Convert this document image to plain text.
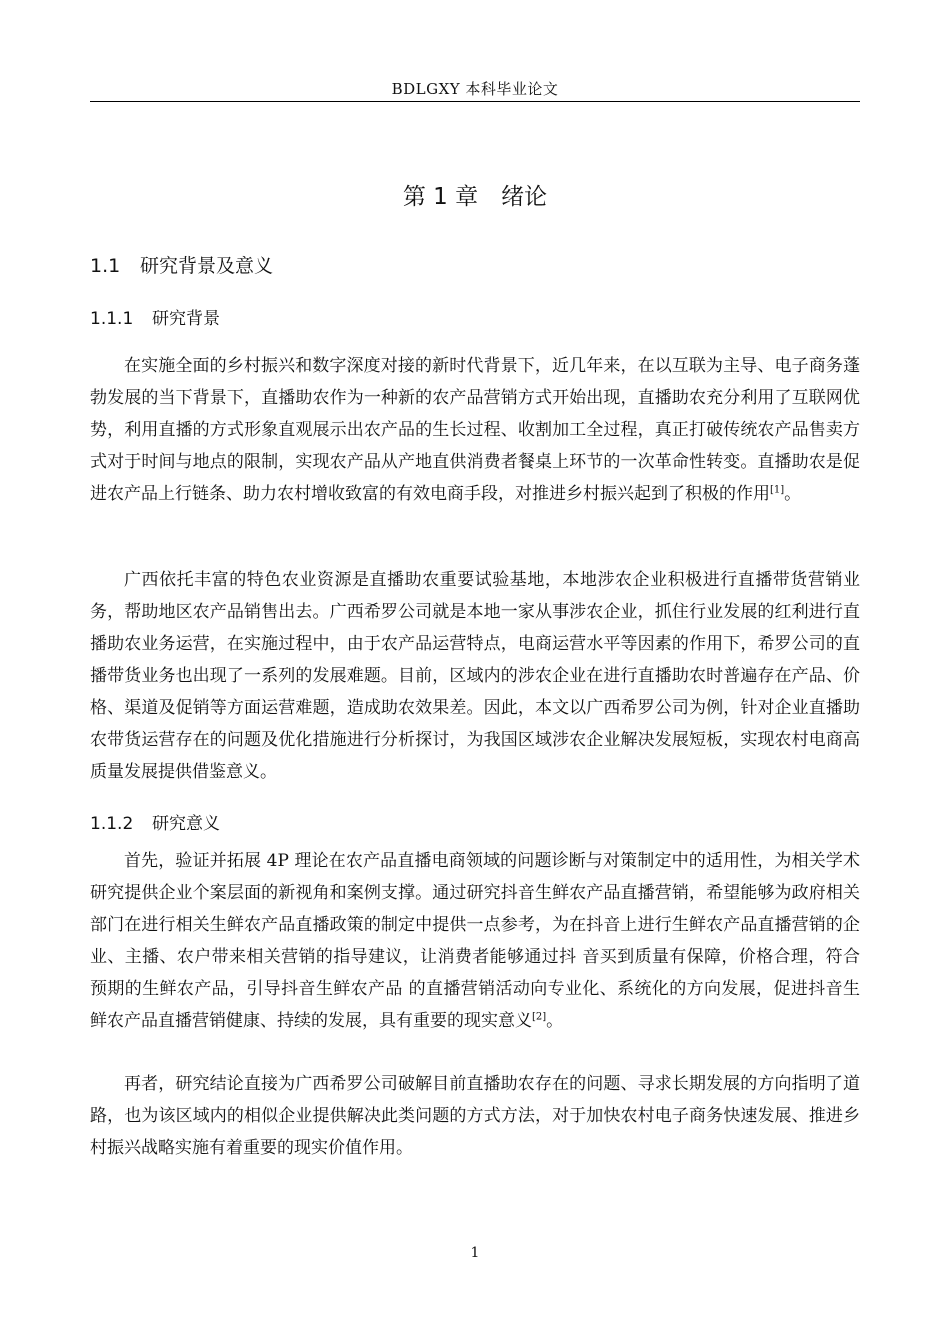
BDLGXY 本科毕业论文
第 1 章　绪论
1.1 研究背景及意义
1.1.1 研究背景

在实施全面的乡村振兴和数字深度对接的新时代背景下，近几年来，在以互联为主导、电子商务蓬勃发展的当下背景下，直播助农作为一种新的农产品营销方式开始出现，直播助农充分利用了互联网优势，利用直播的方式形象直观展示出农产品的生长过程、收割加工全过程，真正打破传统农产品售卖方式对于时间与地点的限制，实现农产品从产地直供消费者餐桌上环节的一次革命性转变。直播助农是促进农产品上行链条、助力农村增收致富的有效电商手段，对推进乡村振兴起到了积极的作用[1]。

广西依托丰富的特色农业资源是直播助农重要试验基地，本地涉农企业积极进行直播带货营销业务，帮助地区农产品销售出去。广西希罗公司就是本地一家从事涉农企业，抓住行业发展的红利进行直播助农业务运营，在实施过程中，由于农产品运营特点，电商运营水平等因素的作用下，希罗公司的直播带货业务也出现了一系列的发展难题。目前，区域内的涉农企业在进行直播助农时普遍存在产品、价格、渠道及促销等方面运营难题，造成助农效果差。因此，本文以广西希罗公司为例，针对企业直播助农带货运营存在的问题及优化措施进行分析探讨，为我国区域涉农企业解决发展短板，实现农村电商高质量发展提供借鉴意义。

1.1.2 研究意义

首先，验证并拓展 4P 理论在农产品直播电商领域的问题诊断与对策制定中的适用性，为相关学术研究提供企业个案层面的新视角和案例支撑。通过研究抖音生鲜农产品直播营销，希望能够为政府相关部门在进行相关生鲜农产品直播政策的制定中提供一点参考，为在抖音上进行生鲜农产品直播营销的企业、主播、农户带来相关营销的指导建议，让消费者能够通过抖 音买到质量有保障，价格合理，符合预期的生鲜农产品，引导抖音生鲜农产品 的直播营销活动向专业化、系统化的方向发展，促进抖音生鲜农产品直播营销健康、持续的发展，具有重要的现实意义[2]。

再者，研究结论直接为广西希罗公司破解目前直播助农存在的问题、寻求长期发展的方向指明了道路，也为该区域内的相似企业提供解决此类问题的方式方法，对于加快农村电子商务快速发展、推进乡村振兴战略实施有着重要的现实价值作用。

1
